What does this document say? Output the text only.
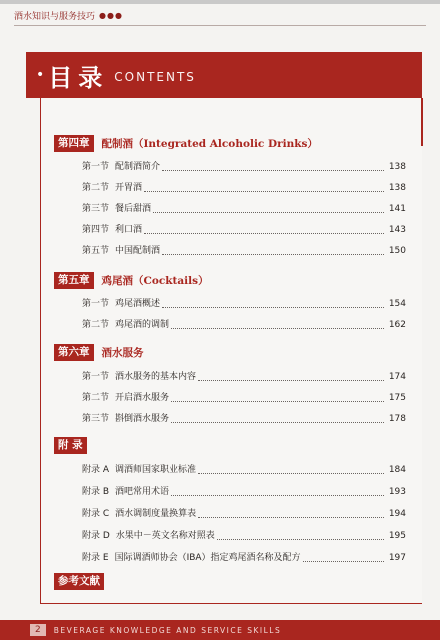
酒水知识与服务技巧 ●●●
• 目录 CONTENTS
第四章	配制酒（Integrated Alcoholic Drinks）
第一节 配制酒简介	138
第二节 开胃酒	138
第三节 餐后甜酒	141
第四节 利口酒	143
第五节 中国配制酒	150
第五章	鸡尾酒（Cocktails）
第一节 鸡尾酒概述	154
第二节 鸡尾酒的调制	162
第六章	酒水服务
第一节 酒水服务的基本内容	174
第二节 开启酒水服务	175
第三节 斟倒酒水服务	178
附 录
附录 A 调酒师国家职业标准	184
附录 B 酒吧常用术语	193
附录 C 酒水调制度量换算表	194
附录 D 水果中－英文名称对照表	195
附录 E 国际调酒师协会（IBA）指定鸡尾酒名称及配方	197
参考文献
2	BEVERAGE KNOWLEDGE AND SERVICE SKILLS
